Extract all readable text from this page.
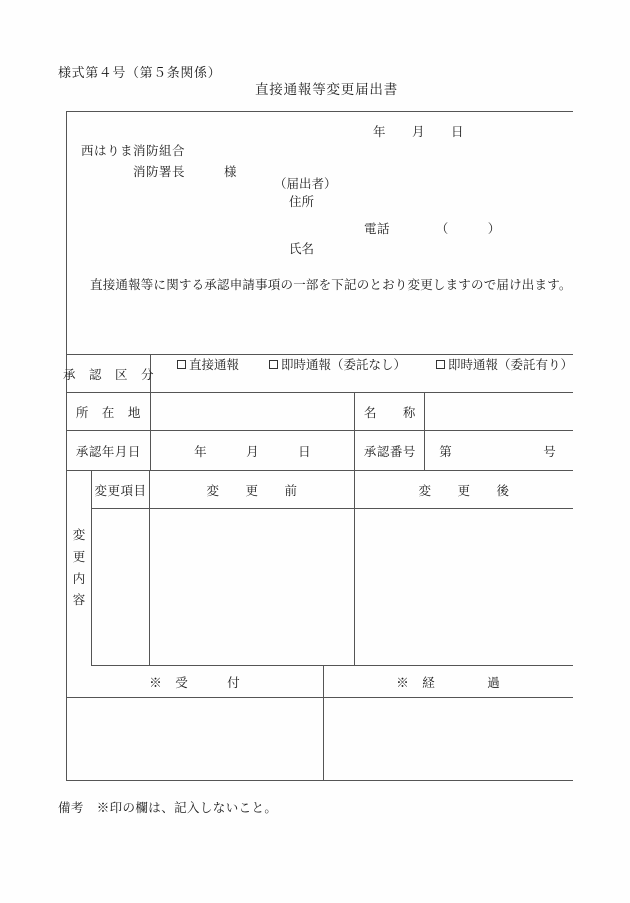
様式第４号（第５条関係）
直接通報等変更届出書
年　　月　　日
西はりま消防組合
消防署長　　　様
（届出者）
住所
電話　　　　（　　　）
氏名
直接通報等に関する承認申請事項の一部を下記のとおり変更しますので届け出ます。
承　認　区　分
直接通報	即時通報（委託なし）	即時通報（委託有り）
所　在　地	名　　称
承認年月日	年　　　月　　　日	承認番号	第　　　　　　　号
変
更
内
容
変更項目	変　　更　　前	変　　更　　後
※　受　　　付	※　経　　　　過
備考　※印の欄は、記入しないこと。
